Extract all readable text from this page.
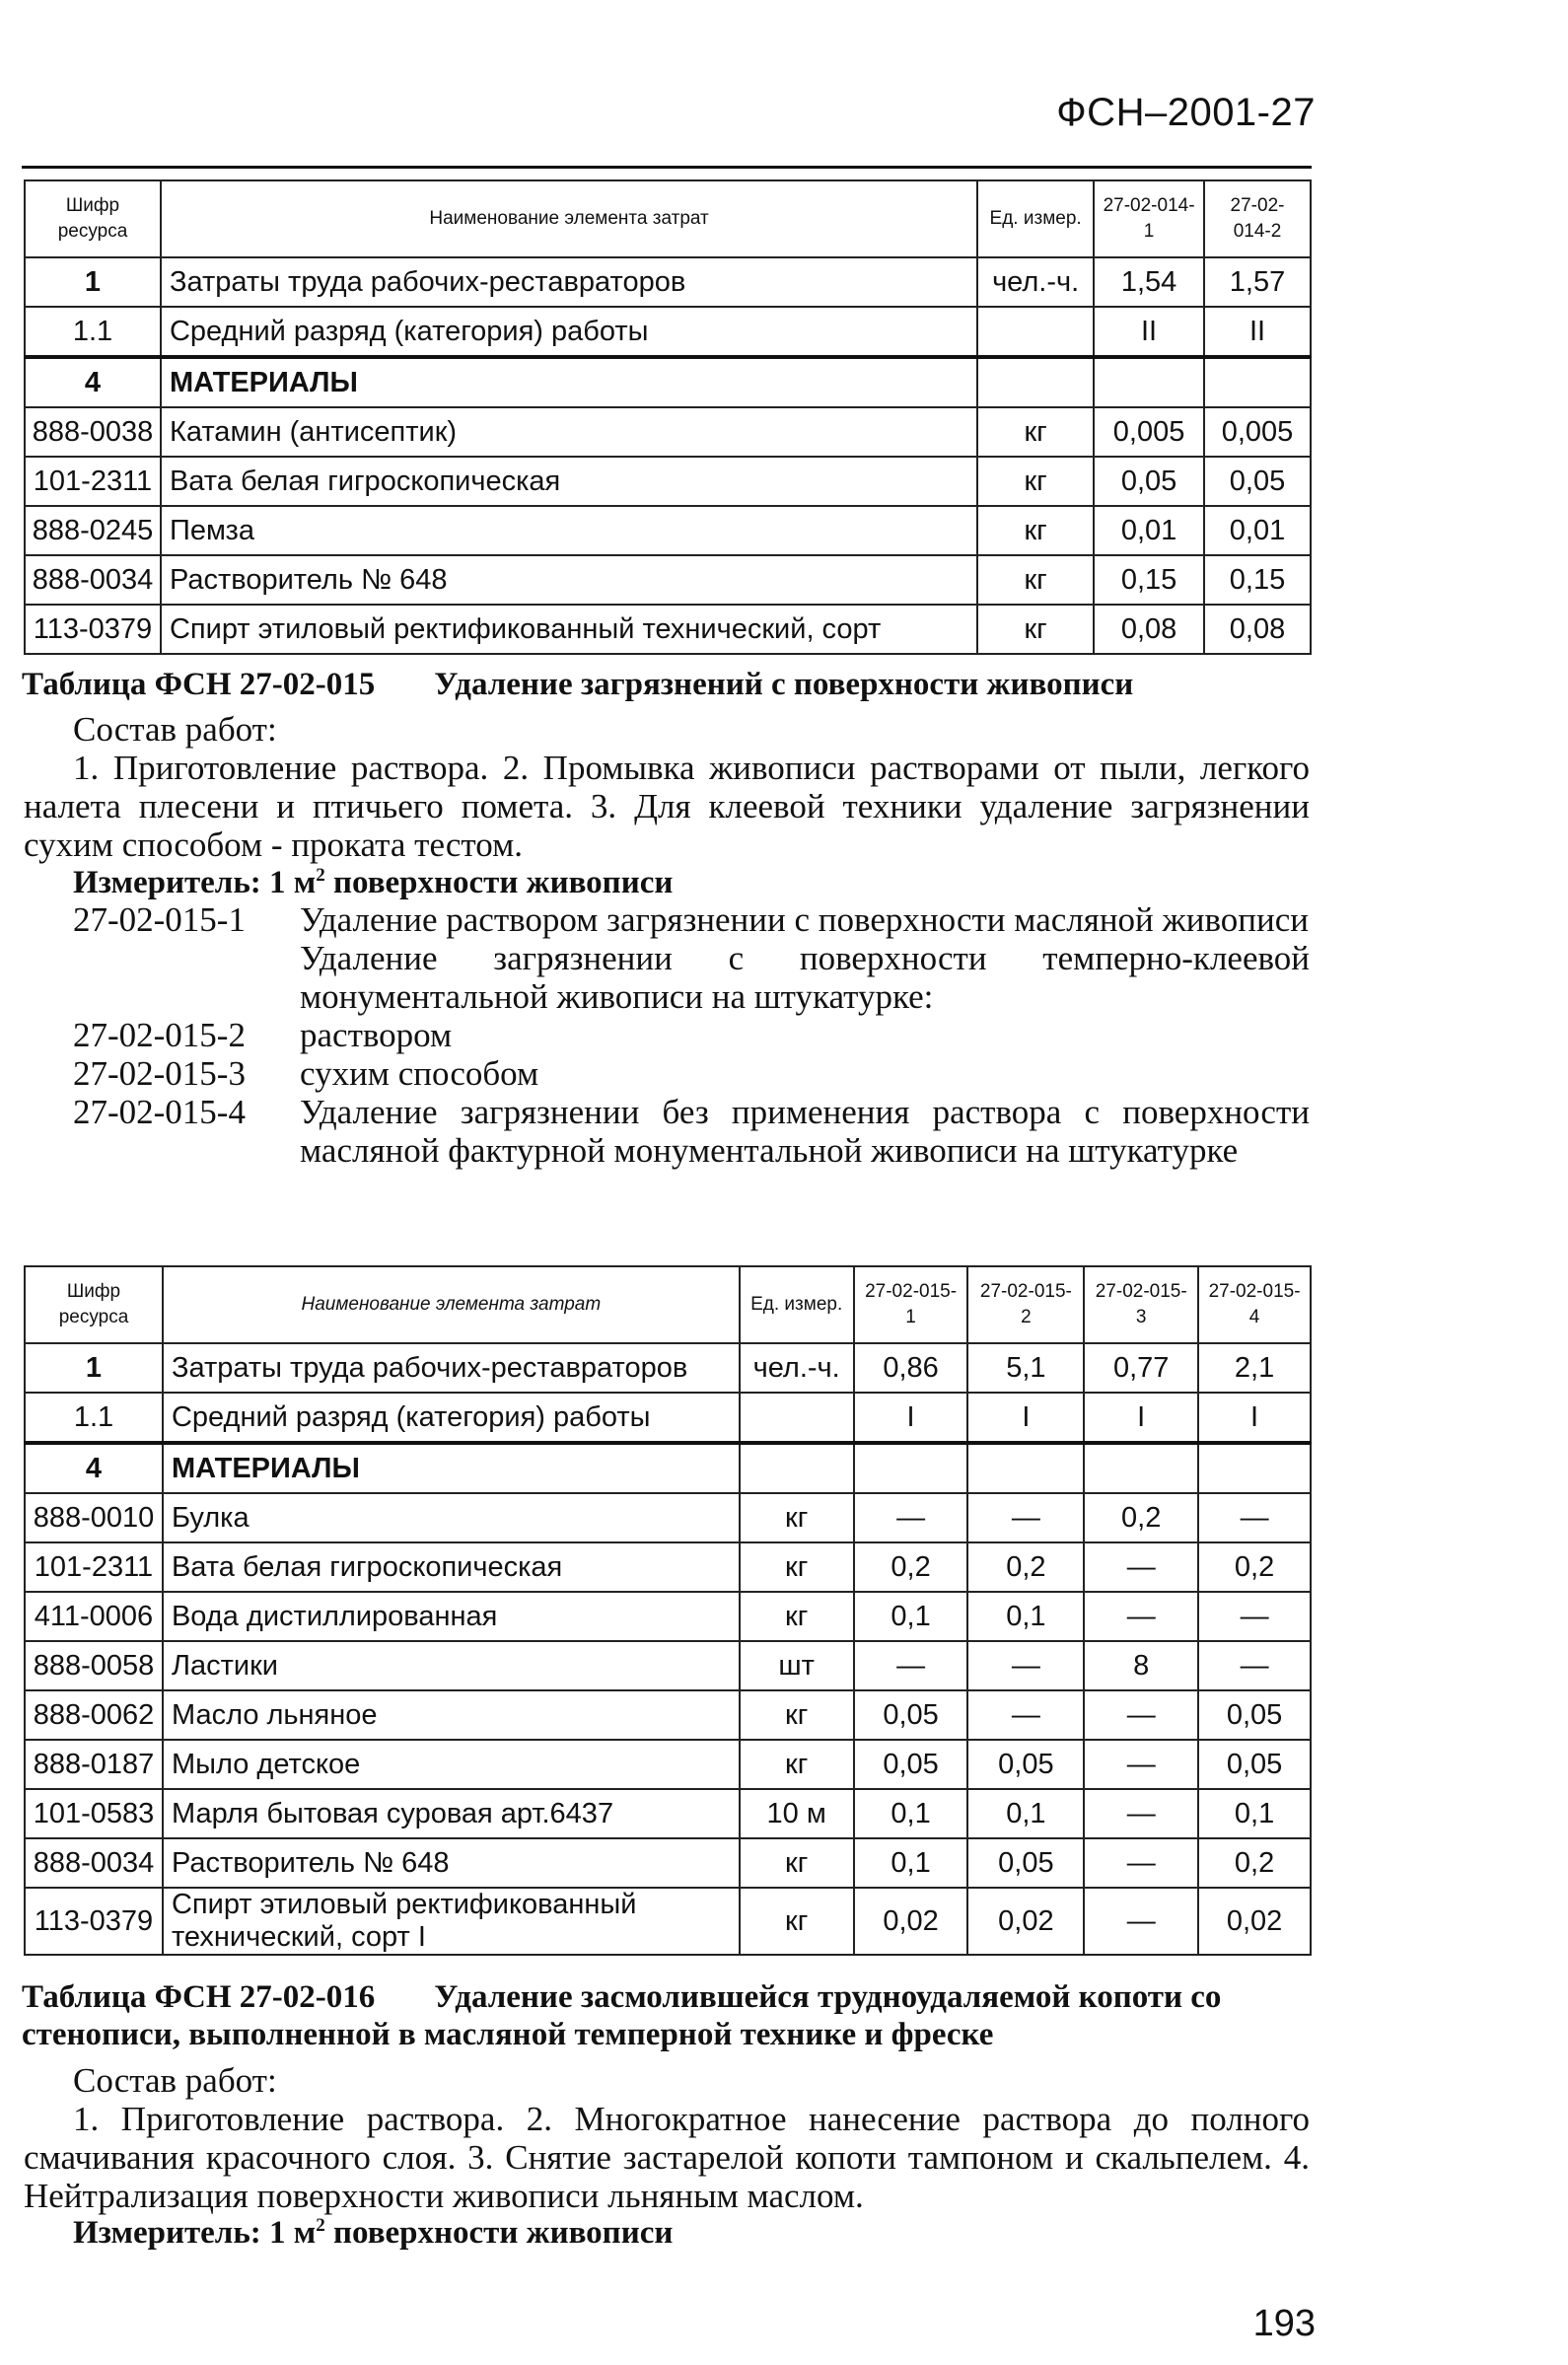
ФСН–2001-27
Шифр ресурса	Наименование элемента затрат	Ед. измер.	27-02-014-1	27-02-014-2
1	Затраты труда рабочих-реставраторов	чел.-ч.	1,54	1,57
1.1	Средний разряд (категория) работы		II	II
4	МАТЕРИАЛЫ			
888-0038	Катамин (антисептик)	кг	0,005	0,005
101-2311	Вата белая гигроскопическая	кг	0,05	0,05
888-0245	Пемза	кг	0,01	0,01
888-0034	Растворитель № 648	кг	0,15	0,15
113-0379	Спирт этиловый ректификованный технический, сорт	кг	0,08	0,08
Таблица ФСН 27-02-015 Удаление загрязнений с поверхности живописи
Состав работ:
1. Приготовление раствора. 2. Промывка живописи растворами от пыли, легкого налета плесени и птичьего помета. 3. Для клеевой техники удаление загрязнении сухим способом - проката тестом.
Измеритель: 1 $м^2$ поверхности живописи
27-02-015-1	Удаление раствором загрязнении с поверхности масляной живописи
Удаление загрязнении с поверхности темперно-клеевой монументальной живописи на штукатурке:
27-02-015-2	раствором
27-02-015-3	сухим способом
27-02-015-4	Удаление загрязнении без применения раствора с поверхности масляной фактурной монументальной живописи на штукатурке
Шифр ресурса	Наименование элемента затрат	Ед. измер.	27-02-015-1	27-02-015-2	27-02-015-3	27-02-015-4
1	Затраты труда рабочих-реставраторов	чел.-ч.	0,86	5,1	0,77	2,1
1.1	Средний разряд (категория) работы		I	I	I	I
4	МАТЕРИАЛЫ					
888-0010	Булка	кг	—	—	0,2	—
101-2311	Вата белая гигроскопическая	кг	0,2	0,2	—	0,2
411-0006	Вода дистиллированная	кг	0,1	0,1	—	—
888-0058	Ластики	шт	—	—	8	—
888-0062	Масло льняное	кг	0,05	—	—	0,05
888-0187	Мыло детское	кг	0,05	0,05	—	0,05
101-0583	Марля бытовая суровая арт.6437	10 м	0,1	0,1	—	0,1
888-0034	Растворитель № 648	кг	0,1	0,05	—	0,2
113-0379	Спирт этиловый ректификованный технический, сорт I	кг	0,02	0,02	—	0,02
Таблица ФСН 27-02-016 Удаление засмолившейся трудноудаляемой копоти со стенописи, выполненной в масляной темперной технике и фреске
Состав работ:
1. Приготовление раствора. 2. Многократное нанесение раствора до полного смачивания красочного слоя. 3. Снятие застарелой копоти тампоном и скальпелем. 4. Нейтрализация поверхности живописи льняным маслом.
Измеритель: 1 $м^2$ поверхности живописи
193
